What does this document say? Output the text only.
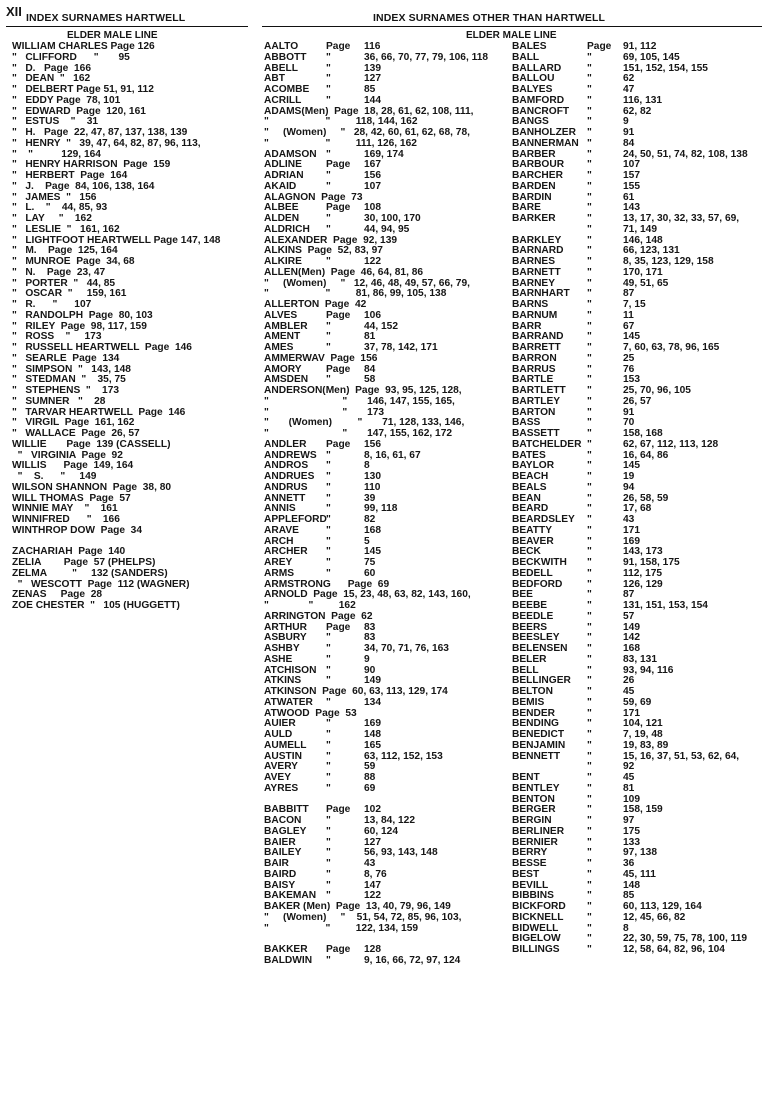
XII INDEX SURNAMES HARTWELL	INDEX SURNAMES OTHER THAN HARTWELL
ELDER MALE LINE	ELDER MALE LINE
WILLIAM CHARLES Page 126
"   CLIFFORD      "       95
"   D.   Page  166
"   DEAN  "   162
"   DELBERT Page 51, 91, 112
"   EDDY Page  78, 101
"   EDWARD  Page  120, 161
"   ESTUS    "    31
"   H.   Page  22, 47, 87, 137, 138, 139
"   HENRY  "   39, 47, 64, 82, 87, 96, 113,
"    "          129, 164
"   HENRY HARRISON  Page  159
"   HERBERT  Page  164
"   J.    Page  84, 106, 138, 164
"   JAMES  "   156
"   L.    "    44, 85, 93
"   LAY     "    162
"   LESLIE  "   161, 162
"   LIGHTFOOT HEARTWELL Page 147, 148
"   M.    Page  125, 164
"   MUNROE  Page  34, 68
"   N.    Page  23, 47
"   PORTER  "   44, 85
"   OSCAR  "     159, 161
"   R.      "      107
"   RANDOLPH  Page  80, 103
"   RILEY  Page  98, 117, 159
"   ROSS    "     173
"   RUSSELL HEARTWELL  Page  146
"   SEARLE  Page  134
"   SIMPSON  "   143, 148
"   STEDMAN  "    35, 75
"   STEPHENS  "    173
"   SUMNER   "    28
"   TARVAR HEARTWELL  Page  146
"   VIRGIL  Page  161, 162
"   WALLACE  Page  26, 57
WILLIE       Page  139 (CASSELL)
"   VIRGINIA  Page  92
WILLIS      Page  149, 164
"    S.      "     149
WILSON SHANNON  Page  38, 80
WILL THOMAS  Page  57
WINNIE MAY    "    161
WINNIFRED      "    166
WINTHROP DOW  Page  34
ZACHARIAH  Page  140
ZELIA        Page  57 (PHELPS)
ZELMA         "     132 (SANDERS)
"   WESCOTT  Page  112 (WAGNER)
ZENAS     Page  28
ZOE CHESTER  "   105 (HUGGETT)
AALTO	Page 116
ABBOTT "	36, 66, 70, 77, 79, 106, 118
ABELL	"	139
ABT	"	127
ACOMBE "	85
ACRILL "	144
ADAMS(Men)  Page  18, 28, 61, 62, 108, 111,
"                    "         118, 144, 162
"     (Women)     "   28, 42, 60, 61, 62, 68, 78,
"                    "         111, 126, 162
ADAMSON "	169, 174
ADLINE Page 167
ADRIAN "	156
AKAID	"	107
ALAGNON  Page  73
ALBEE	Page 108
ALDEN	"	30, 100, 170
ALDRICH "	44, 94, 95
ALEXANDER  Page  92, 139
ALKINS  Page  52, 83, 97
ALKIRE "	122
ALLEN(Men)  Page  46, 64, 81, 86
"     (Women)     "   12, 46, 48, 49, 57, 66, 79,
"                    "         81, 86, 99, 105, 138
ALLERTON  Page  42
ALVES	Page 106
AMBLER "	44, 152
AMENT	"	81
AMES	"	37, 78, 142, 171
AMMERWAV  Page  156
AMORY Page 84
AMSDEN "	58
ANDERSON(Men)  Page  93, 95, 125, 128,
"                          "       146, 147, 155, 165,
"                          "       173
"       (Women)         "       71, 128, 133, 146,
"                          "       147, 155, 162, 172
ANDLER Page 156
ANDREWS "	8, 16, 61, 67
ANDROS "	8
ANDRUES "	130
ANDRUS "	110
ANNETT "	39
ANNIS	"	99, 118
APPLEFORD "	82
ARAVE	"	168
ARCH	"	5
ARCHER "	145
AREY	"	75
ARMS	"	60
ARMSTRONG      Page  69
ARNOLD  Page  15, 23, 48, 63, 82, 143, 160,
"              "         162
ARRINGTON  Page  62
ARTHUR Page 83
ASBURY "	83
ASHBY	"	34, 70, 71, 76, 163
ASHE	"	9
ATCHISON "	90
ATKINS "	149
ATKINSON  Page  60, 63, 113, 129, 174
ATWATER "	134
ATWOOD  Page  53
AUIER	"	169
AULD	"	148
AUMELL "	165
AUSTIN "	63, 112, 152, 153
AVERY	"	59
AVEY	"	88
AYRES	"	69
BABBITT Page 102
BACON "	13, 84, 122
BAGLEY "	60, 124
BAIER	"	127
BAILEY "	56, 93, 143, 148
BAIR	"	43
BAIRD	"	8, 76
BAISY	"	147
BAKEMAN "	122
BAKER (Men)  Page  13, 40, 79, 96, 149
"     (Women)     "    51, 54, 72, 85, 96, 103,
"                    "         122, 134, 159
BAKKER Page 128
BALDWIN "	9, 16, 66, 72, 97, 124
BALES	Page 91, 112
BALL	"	69, 105, 145
BALLARD	"	151, 152, 154, 155
BALLOU	"	62
BALYES	"	47
BAMFORD "	116, 131
BANCROFT "	62, 82
BANGS	"	9
BANHOLZER "	91
BANNERMAN "	84
BARBER	"	24, 50, 51, 74, 82, 108, 138
BARBOUR "	107
BARCHER "	157
BARDEN	"	155
BARDIN	"	61
BARE	"	143
BARKER	"	13, 17, 30, 32, 33, 57, 69,
"	71, 149
BARKLEY	"	146, 148
BARNARD "	66, 123, 131
BARNES	"	8, 35, 123, 129, 158
BARNETT	"	170, 171
BARNEY	"	49, 51, 65
BARNHART "	87
BARNS	"	7, 15
BARNUM	"	11
BARR	"	67
BARRAND "	145
BARRETT	"	7, 60, 63, 78, 96, 165
BARRON	"	25
BARRUS	"	76
BARTLE	"	153
BARTLETT "	25, 70, 96, 105
BARTLEY	"	26, 57
BARTON	"	91
BASS	"	70
BASSETT	"	158, 168
BATCHELDER "	62, 67, 112, 113, 128
BATES	"	16, 64, 86
BAYLOR	"	145
BEACH	"	19
BEALS	"	94
BEAN	"	26, 58, 59
BEARD	"	17, 68
BEARDSLEY "	43
BEATTY	"	171
BEAVER	"	169
BECK	"	143, 173
BECKWITH "	91, 158, 175
BEDELL	"	112, 175
BEDFORD "	126, 129
BEE	"	87
BEEBE	"	131, 151, 153, 154
BEEDLE	"	57
BEERS	"	149
BEESLEY	"	142
BELENSEN "	168
BELER	"	83, 131
BELL	"	93, 94, 116
BELLINGER "	26
BELTON	"	45
BEMIS	"	59, 69
BENDER	"	171
BENDING	"	104, 121
BENEDICT "	7, 19, 48
BENJAMIN "	19, 83, 89
BENNETT	"	15, 16, 37, 51, 53, 62, 64,
"	92
BENT	"	45
BENTLEY	"	81
BENTON	"	109
BERGER	"	158, 159
BERGIN	"	97
BERLINER "	175
BERNIER	"	133
BERRY	"	97, 138
BESSE	"	36
BEST	"	45, 111
BEVILL	"	148
BIBBINS	"	85
BICKFORD "	60, 113, 129, 164
BICKNELL "	12, 45, 66, 82
BIDWELL	"	8
BIGELOW	"	22, 30, 59, 75, 78, 100, 119
BILLINGS	"	12, 58, 64, 82, 96, 104
